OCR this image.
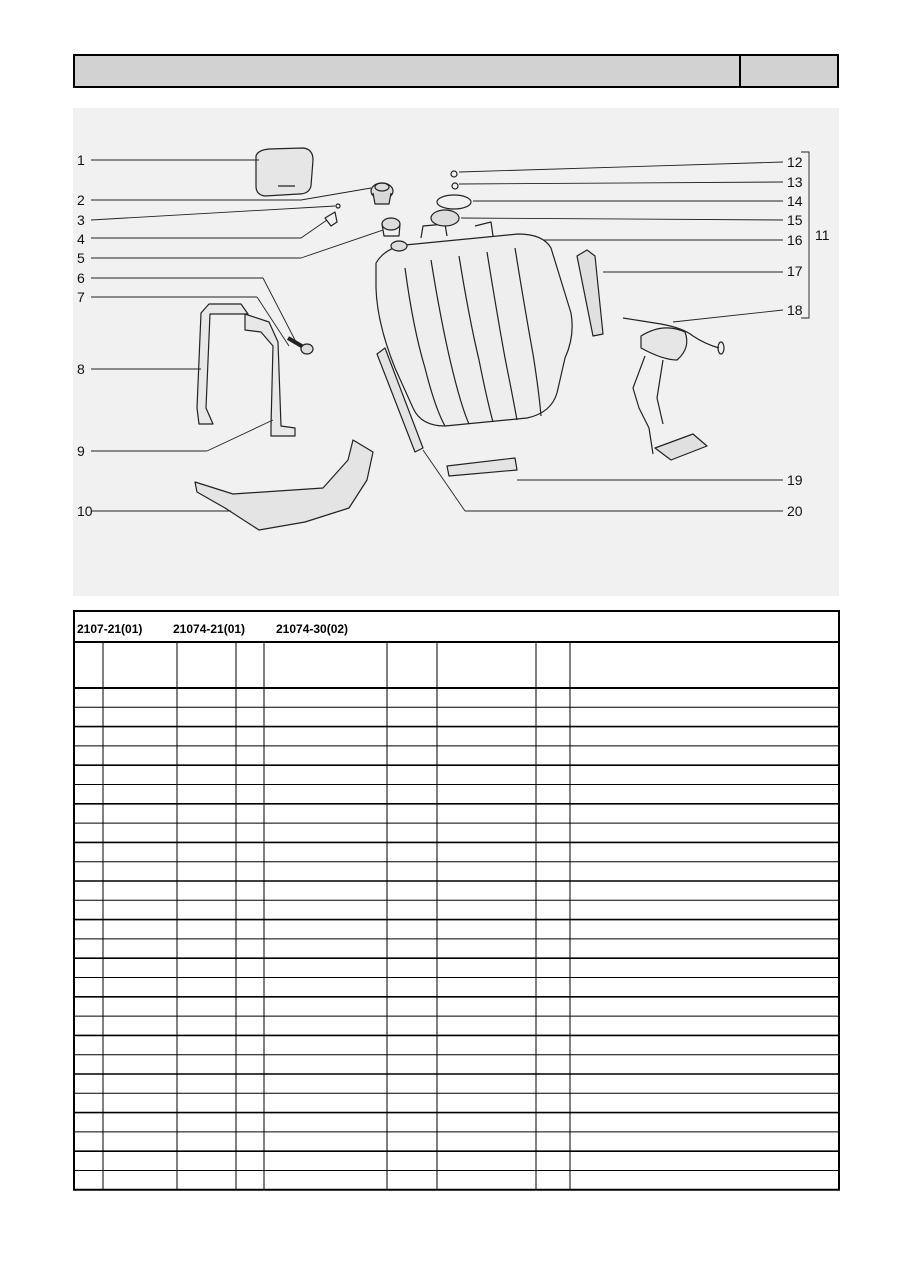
1
2
3
4
5
6
7
8
9
10
12
13
14
15
16
17
18
19
20
11
2107-21(01)	21074-21(01)	21074-30(02)
